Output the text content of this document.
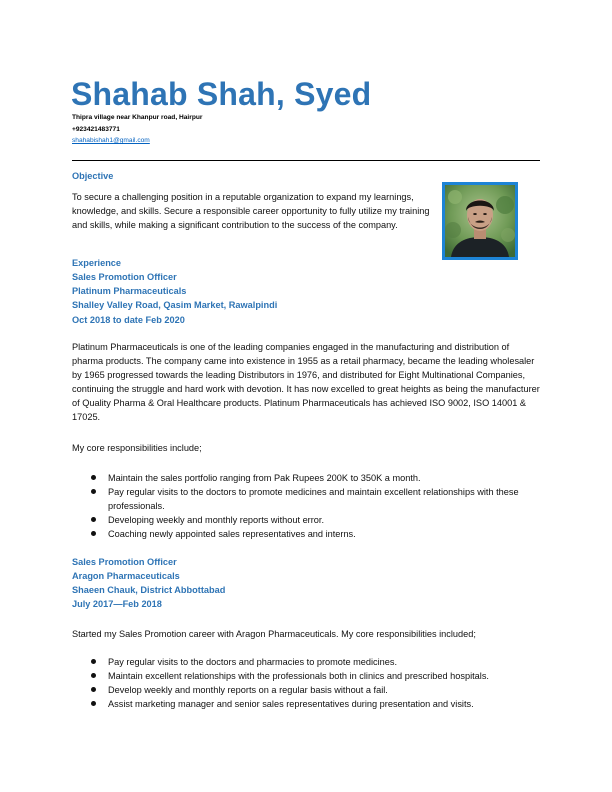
Shahab Shah, Syed
Thipra village near Khanpur road, Hairpur
+923421483771
shahabishah1@gmail.com
Objective
To secure a challenging position in a reputable organization to expand my learnings, knowledge, and skills. Secure a responsible career opportunity to fully utilize my training and skills, while making a significant contribution to the success of the company.
Experience
Sales Promotion Officer
Platinum Pharmaceuticals
Shalley Valley Road, Qasim Market, Rawalpindi
Oct 2018 to date Feb 2020
Platinum Pharmaceuticals is one of the leading companies engaged in the manufacturing and distribution of pharma products. The company came into existence in 1955 as a retail pharmacy, became the leading wholesaler by 1965 progressed towards the leading Distributors in 1976, and distributed for Eight Multinational Companies, continuing the struggle and hard work with devotion. It has now excelled to great heights as being the manufacturer of Quality Pharma & Oral Healthcare products. Platinum Pharmaceuticals has achieved ISO 9002, ISO 14001 & 17025.
My core responsibilities include;
Maintain the sales portfolio ranging from Pak Rupees 200K to 350K a month.
Pay regular visits to the doctors to promote medicines and maintain excellent relationships with these professionals.
Developing weekly and monthly reports without error.
Coaching newly appointed sales representatives and interns.
Sales Promotion Officer
Aragon Pharmaceuticals
Shaeen Chauk, District Abbottabad
July 2017—Feb 2018
Started my Sales Promotion career with Aragon Pharmaceuticals. My core responsibilities included;
Pay regular visits to the doctors and pharmacies to promote medicines.
Maintain excellent relationships with the professionals both in clinics and prescribed hospitals.
Develop weekly and monthly reports on a regular basis without a fail.
Assist marketing manager and senior sales representatives during presentation and visits.
